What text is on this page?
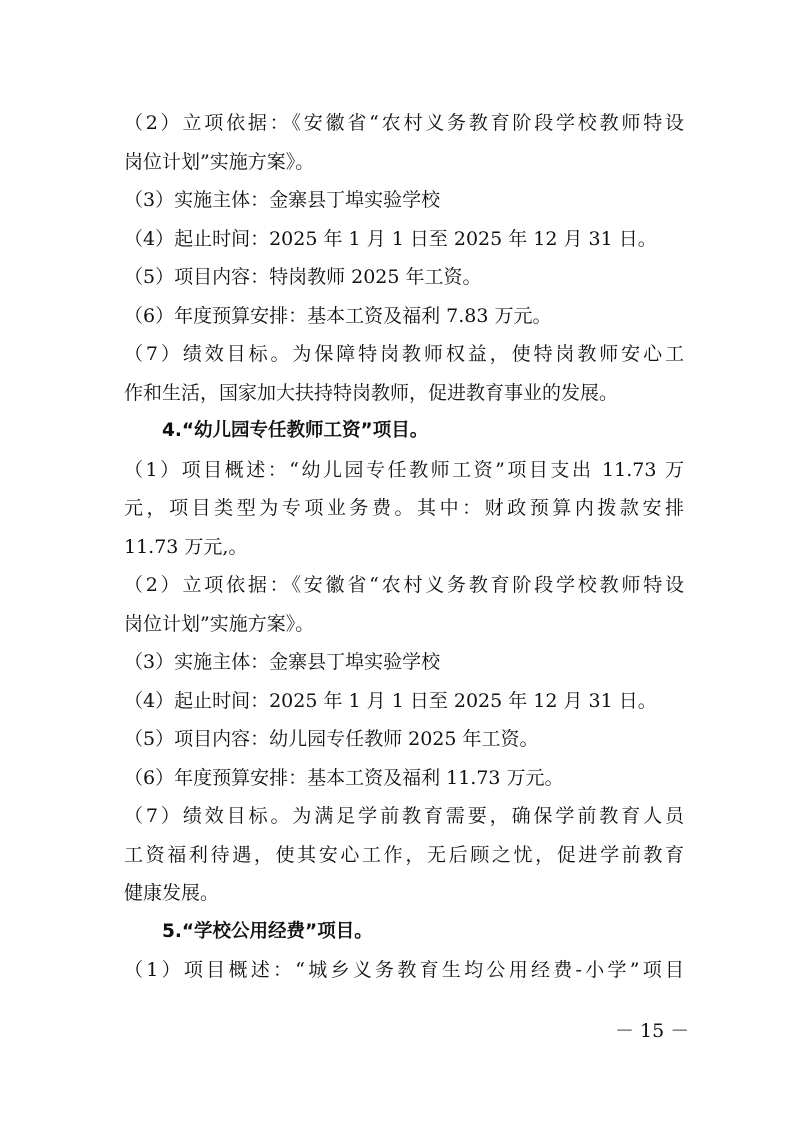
（2）立项依据：《安徽省“农村义务教育阶段学校教师特设
岗位计划”实施方案》。
（3）实施主体：金寨县丁埠实验学校
（4）起止时间：2025 年 1 月 1 日至 2025 年 12 月 31 日。
（5）项目内容：特岗教师 2025 年工资。
（6）年度预算安排：基本工资及福利 7.83 万元。
（7）绩效目标。为保障特岗教师权益，使特岗教师安心工
作和生活，国家加大扶持特岗教师，促进教育事业的发展。
4.“幼儿园专任教师工资”项目。
（1）项目概述：“幼儿园专任教师工资”项目支出 11.73 万
元，项目类型为专项业务费。其中：财政预算内拨款安排
11.73 万元,。
（2）立项依据：《安徽省“农村义务教育阶段学校教师特设
岗位计划”实施方案》。
（3）实施主体：金寨县丁埠实验学校
（4）起止时间：2025 年 1 月 1 日至 2025 年 12 月 31 日。
（5）项目内容：幼儿园专任教师 2025 年工资。
（6）年度预算安排：基本工资及福利 11.73 万元。
（7）绩效目标。为满足学前教育需要，确保学前教育人员
工资福利待遇，使其安心工作，无后顾之忧，促进学前教育
健康发展。
5.“学校公用经费”项目。
（1）项目概述：“城乡义务教育生均公用经费-小学”项目
－ 15 －
